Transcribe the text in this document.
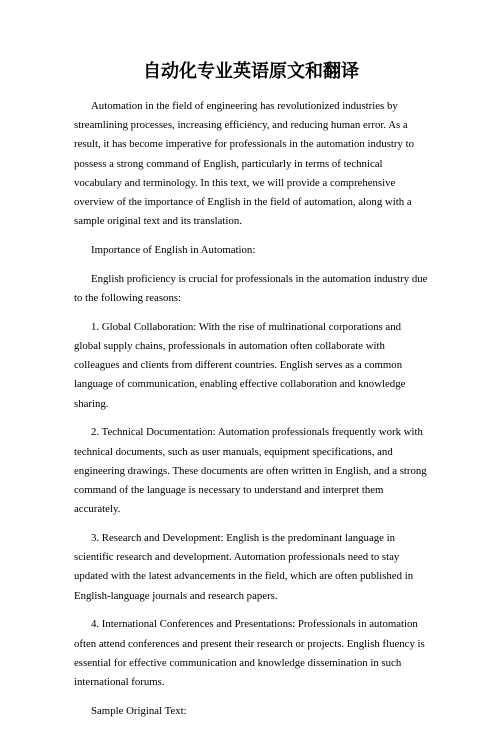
自动化专业英语原文和翻译

Automation in the field of engineering has revolutionized industries by streamlining processes, increasing efficiency, and reducing human error. As a result, it has become imperative for professionals in the automation industry to possess a strong command of English, particularly in terms of technical vocabulary and terminology. In this text, we will provide a comprehensive overview of the importance of English in the field of automation, along with a sample original text and its translation.

Importance of English in Automation:

English proficiency is crucial for professionals in the automation industry due to the following reasons:

1. Global Collaboration: With the rise of multinational corporations and global supply chains, professionals in automation often collaborate with colleagues and clients from different countries. English serves as a common language of communication, enabling effective collaboration and knowledge sharing.

2. Technical Documentation: Automation professionals frequently work with technical documents, such as user manuals, equipment specifications, and engineering drawings. These documents are often written in English, and a strong command of the language is necessary to understand and interpret them accurately.

3. Research and Development: English is the predominant language in scientific research and development. Automation professionals need to stay updated with the latest advancements in the field, which are often published in English-language journals and research papers.

4. International Conferences and Presentations: Professionals in automation often attend conferences and present their research or projects. English fluency is essential for effective communication and knowledge dissemination in such international forums.

Sample Original Text:
